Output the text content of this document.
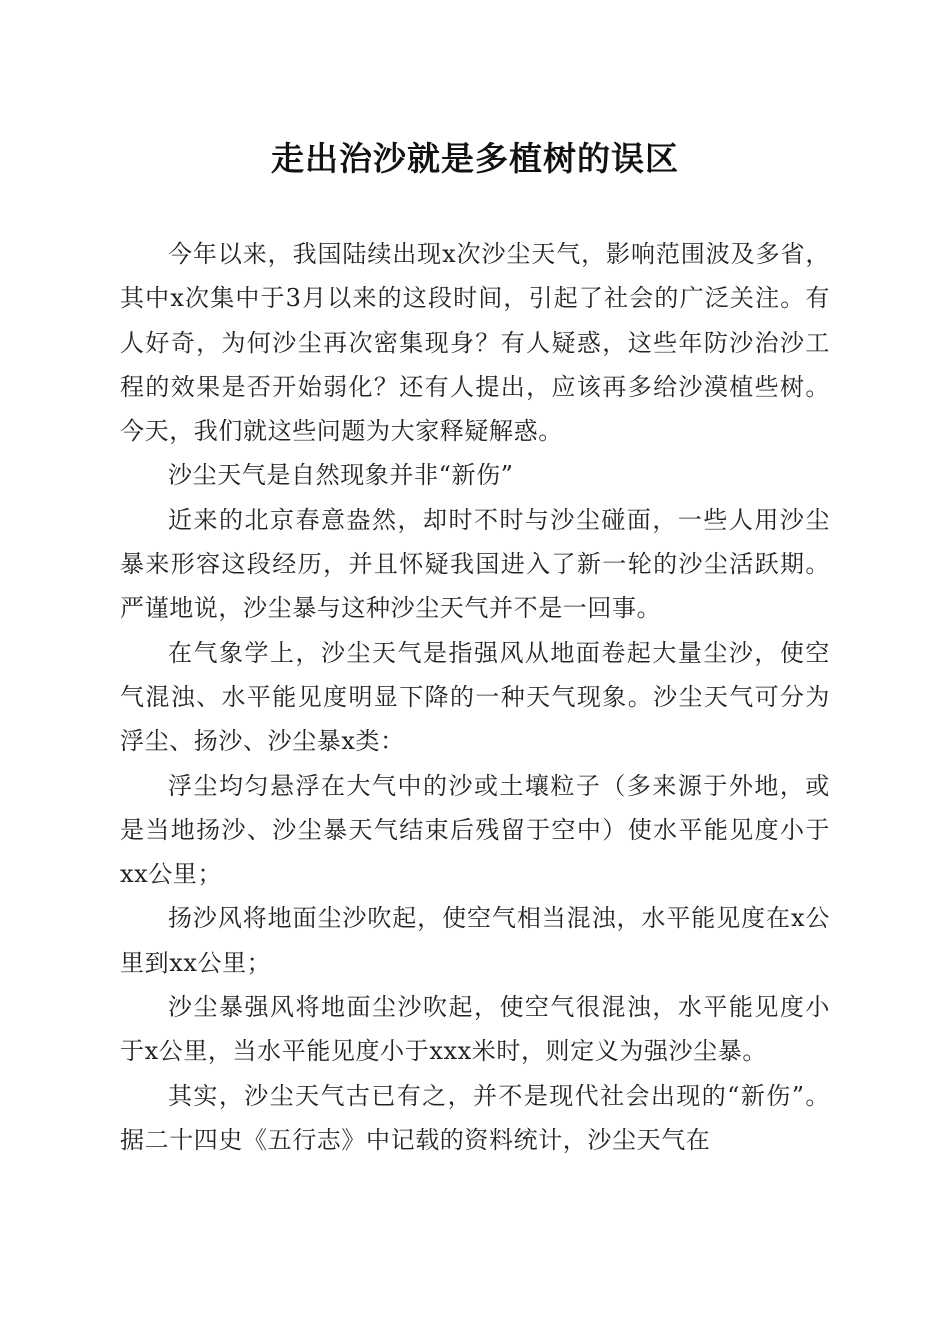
走出治沙就是多植树的误区

今年以来，我国陆续出现x次沙尘天气，影响范围波及多省，其中x次集中于3月以来的这段时间，引起了社会的广泛关注。有人好奇，为何沙尘再次密集现身？有人疑惑，这些年防沙治沙工程的效果是否开始弱化？还有人提出，应该再多给沙漠植些树。今天，我们就这些问题为大家释疑解惑。

沙尘天气是自然现象并非“新伤”

近来的北京春意盎然，却时不时与沙尘碰面，一些人用沙尘暴来形容这段经历，并且怀疑我国进入了新一轮的沙尘活跃期。严谨地说，沙尘暴与这种沙尘天气并不是一回事。

在气象学上，沙尘天气是指强风从地面卷起大量尘沙，使空气混浊、水平能见度明显下降的一种天气现象。沙尘天气可分为浮尘、扬沙、沙尘暴x类：

浮尘均匀悬浮在大气中的沙或土壤粒子（多来源于外地，或是当地扬沙、沙尘暴天气结束后残留于空中）使水平能见度小于xx公里；

扬沙风将地面尘沙吹起，使空气相当混浊，水平能见度在x公里到xx公里；

沙尘暴强风将地面尘沙吹起，使空气很混浊，水平能见度小于x公里，当水平能见度小于xxx米时，则定义为强沙尘暴。

其实，沙尘天气古已有之，并不是现代社会出现的“新伤”。据二十四史《五行志》中记载的资料统计，沙尘天气在
